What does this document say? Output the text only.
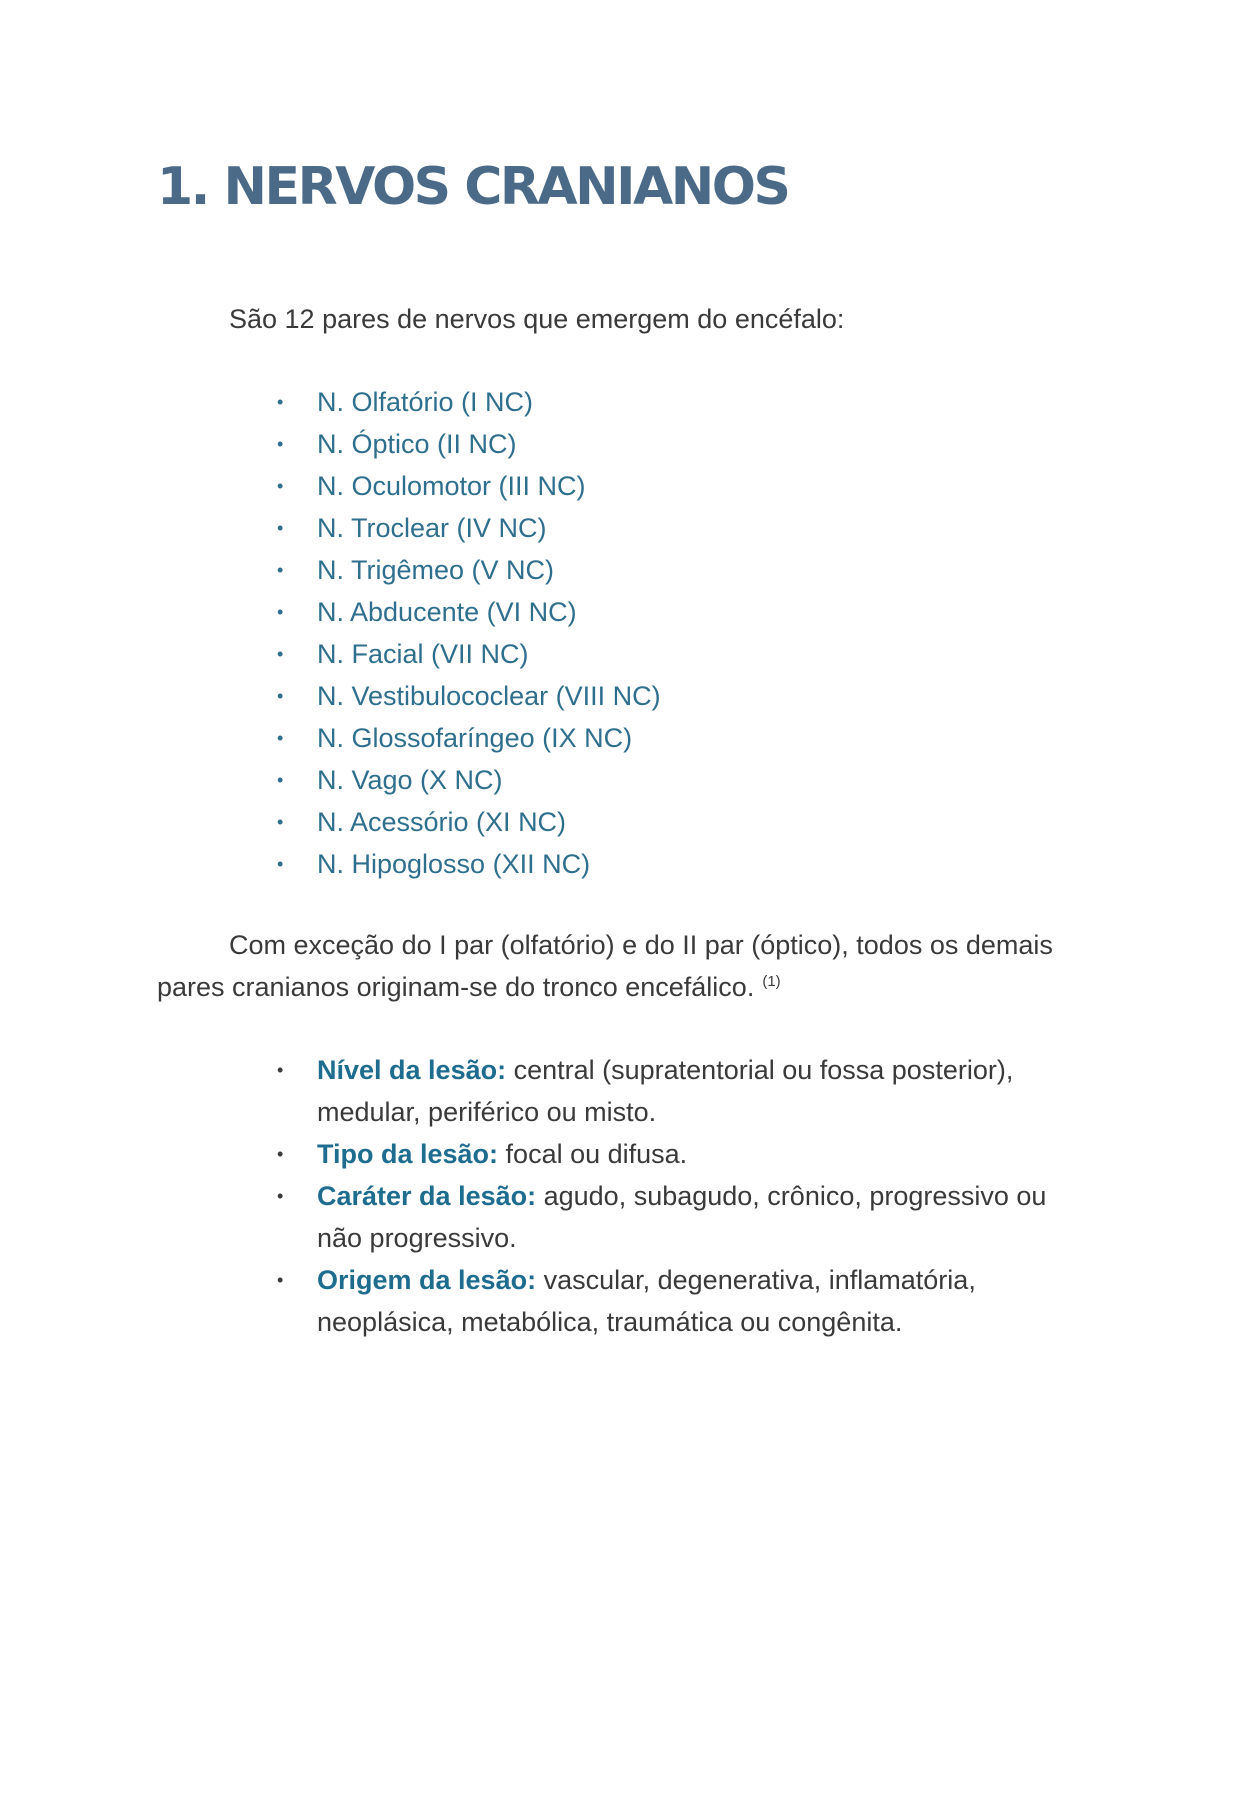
1. NERVOS CRANIANOS

São 12 pares de nervos que emergem do encéfalo:

• N. Olfatório (I NC)
• N. Óptico (II NC)
• N. Oculomotor (III NC)
• N. Troclear (IV NC)
• N. Trigêmeo (V NC)
• N. Abducente (VI NC)
• N. Facial (VII NC)
• N. Vestibulococlear (VIII NC)
• N. Glossofaríngeo (IX NC)
• N. Vago (X NC)
• N. Acessório (XI NC)
• N. Hipoglosso (XII NC)

Com exceção do I par (olfatório) e do II par (óptico), todos os demais pares cranianos originam-se do tronco encefálico. $^{(1)}$

• Nível da lesão: central (supratentorial ou fossa posterior), medular, periférico ou misto.
• Tipo da lesão: focal ou difusa.
• Caráter da lesão: agudo, subagudo, crônico, progressivo ou não progressivo.
• Origem da lesão: vascular, degenerativa, inflamatória, neoplásica, metabólica, traumática ou congênita.
